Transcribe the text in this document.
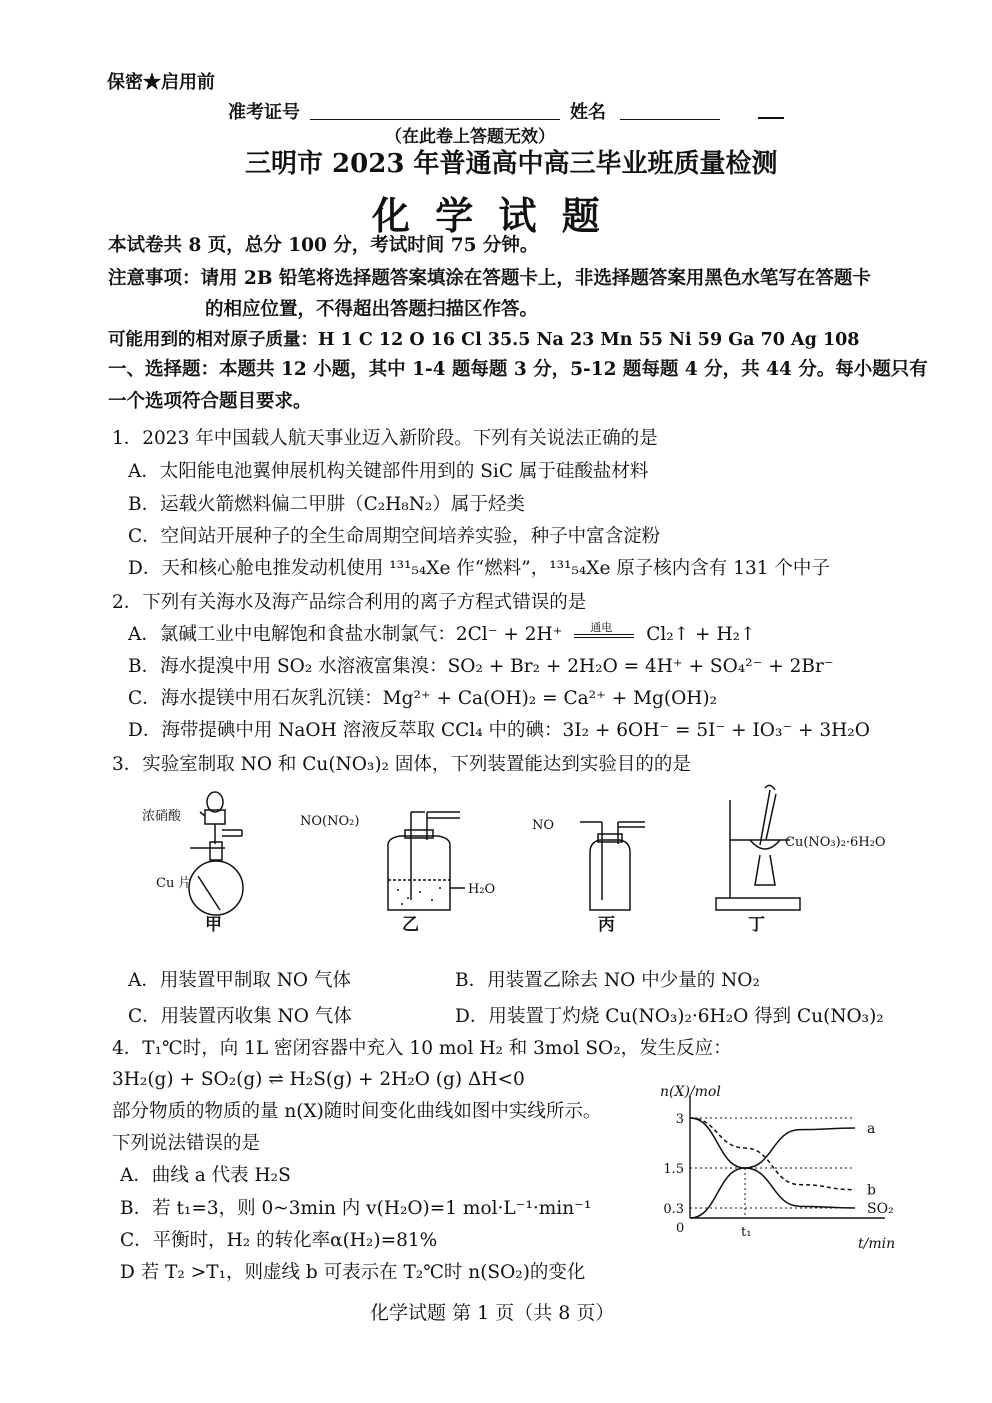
保密★启用前
准考证号	姓名
（在此卷上答题无效）
三明市 2023 年普通高中高三毕业班质量检测
化 学 试 题
本试卷共 8 页，总分 100 分，考试时间 75 分钟。
注意事项：请用 2B 铅笔将选择题答案填涂在答题卡上，非选择题答案用黑色水笔写在答题卡
的相应位置，不得超出答题扫描区作答。
可能用到的相对原子质量：H 1 C 12 O 16 Cl 35.5 Na 23 Mn 55 Ni 59 Ga 70 Ag 108
一、选择题：本题共 12 小题，其中 1-4 题每题 3 分，5-12 题每题 4 分，共 44 分。每小题只有
一个选项符合题目要求。
1．2023 年中国载人航天事业迈入新阶段。下列有关说法正确的是
A．太阳能电池翼伸展机构关键部件用到的 SiC 属于硅酸盐材料
B．运载火箭燃料偏二甲肼（C₂H₈N₂）属于烃类
C．空间站开展种子的全生命周期空间培养实验，种子中富含淀粉
D．天和核心舱电推发动机使用 ¹³¹₅₄Xe 作“燃料”，¹³¹₅₄Xe 原子核内含有 131 个中子
2．下列有关海水及海产品综合利用的离子方程式错误的是
A．氯碱工业中电解饱和食盐水制氯气：2Cl⁻ + 2H⁺	通电 Cl₂↑ + H₂↑
B．海水提溴中用 SO₂ 水溶液富集溴：SO₂ + Br₂ + 2H₂O = 4H⁺ + SO₄²⁻ + 2Br⁻
C．海水提镁中用石灰乳沉镁：Mg²⁺ + Ca(OH)₂ = Ca²⁺ + Mg(OH)₂
D．海带提碘中用 NaOH 溶液反萃取 CCl₄ 中的碘：3I₂ + 6OH⁻ = 5I⁻ + IO₃⁻ + 3H₂O
3．实验室制取 NO 和 Cu(NO₃)₂ 固体，下列装置能达到实验目的的是
浓硝酸
Cu 片
甲
NO(NO₂)
H₂O
乙
NO
丙
Cu(NO₃)₂·6H₂O
丁
A．用装置甲制取 NO 气体	B．用装置乙除去 NO 中少量的 NO₂
C．用装置丙收集 NO 气体	D．用装置丁灼烧 Cu(NO₃)₂·6H₂O 得到 Cu(NO₃)₂
4．T₁℃时，向 1L 密闭容器中充入 10 mol H₂ 和 3mol SO₂，发生反应：
3H₂(g) + SO₂(g) ⇌ H₂S(g) + 2H₂O (g) ΔH<0
部分物质的物质的量 n(X)随时间变化曲线如图中实线所示。
下列说法错误的是
A．曲线 a 代表 H₂S
B．若 t₁=3，则 0~3min 内 v(H₂O)=1 mol·L⁻¹·min⁻¹
C．平衡时，H₂ 的转化率α(H₂)=81%
D 若 T₂ >T₁，则虚线 b 可表示在 T₂℃时 n(SO₂)的变化
3
1.5
0.3
0	t₁
a
SO₂
b
n(X)/mol
t/min
化学试题 第 1 页（共 8 页）
